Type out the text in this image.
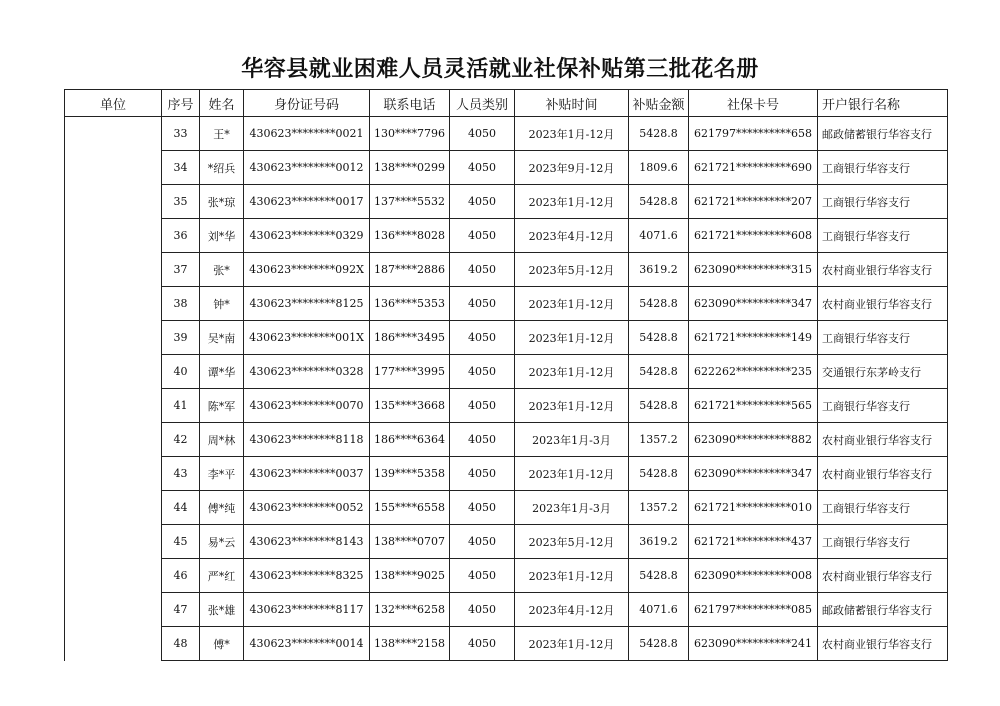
华容县就业困难人员灵活就业社保补贴第三批花名册
单位	序号	姓名	身份证号码	联系电话	人员类别	补贴时间	补贴金额	社保卡号	开户银行名称
	33	王*	430623********0021	130****7796	4050	2023年1月-12月	5428.8	621797**********658	邮政储蓄银行华容支行
	34	*绍兵	430623********0012	138****0299	4050	2023年9月-12月	1809.6	621721**********690	工商银行华容支行
	35	张*琼	430623********0017	137****5532	4050	2023年1月-12月	5428.8	621721**********207	工商银行华容支行
	36	刘*华	430623********0329	136****8028	4050	2023年4月-12月	4071.6	621721**********608	工商银行华容支行
	37	张*	430623********092X	187****2886	4050	2023年5月-12月	3619.2	623090**********315	农村商业银行华容支行
	38	钟*	430623********8125	136****5353	4050	2023年1月-12月	5428.8	623090**********347	农村商业银行华容支行
	39	吴*南	430623********001X	186****3495	4050	2023年1月-12月	5428.8	621721**********149	工商银行华容支行
	40	谭*华	430623********0328	177****3995	4050	2023年1月-12月	5428.8	622262**********235	交通银行东茅岭支行
	41	陈*军	430623********0070	135****3668	4050	2023年1月-12月	5428.8	621721**********565	工商银行华容支行
	42	周*林	430623********8118	186****6364	4050	2023年1月-3月	1357.2	623090**********882	农村商业银行华容支行
	43	李*平	430623********0037	139****5358	4050	2023年1月-12月	5428.8	623090**********347	农村商业银行华容支行
	44	傅*纯	430623********0052	155****6558	4050	2023年1月-3月	1357.2	621721**********010	工商银行华容支行
	45	易*云	430623********8143	138****0707	4050	2023年5月-12月	3619.2	621721**********437	工商银行华容支行
	46	严*红	430623********8325	138****9025	4050	2023年1月-12月	5428.8	623090**********008	农村商业银行华容支行
	47	张*雄	430623********8117	132****6258	4050	2023年4月-12月	4071.6	621797**********085	邮政储蓄银行华容支行
	48	傅*	430623********0014	138****2158	4050	2023年1月-12月	5428.8	623090**********241	农村商业银行华容支行
